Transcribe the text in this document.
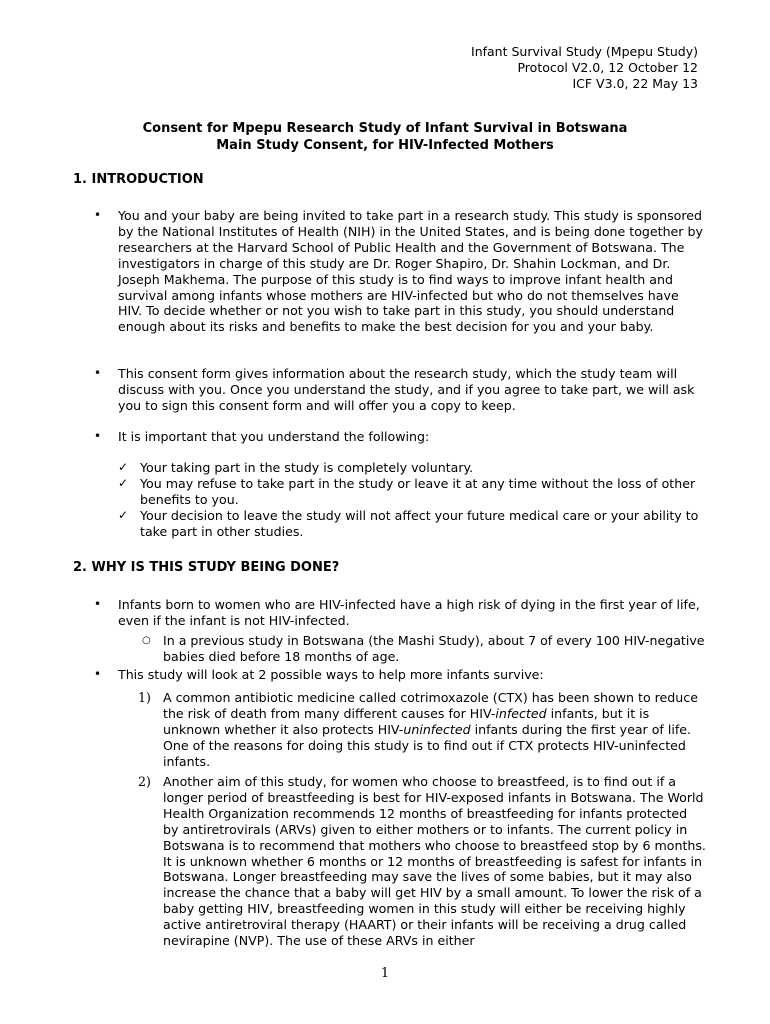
Infant Survival Study (Mpepu Study)
Protocol V2.0, 12 October 12
ICF V3.0, 22 May 13
Consent for Mpepu Research Study of Infant Survival in Botswana
Main Study Consent, for HIV-Infected Mothers
1. INTRODUCTION
• You and your baby are being invited to take part in a research study. This study is sponsored by the National Institutes of Health (NIH) in the United States, and is being done together by researchers at the Harvard School of Public Health and the Government of Botswana. The investigators in charge of this study are Dr. Roger Shapiro, Dr. Shahin Lockman, and Dr. Joseph Makhema. The purpose of this study is to find ways to improve infant health and survival among infants whose mothers are HIV-infected but who do not themselves have HIV. To decide whether or not you wish to take part in this study, you should understand enough about its risks and benefits to make the best decision for you and your baby.
• This consent form gives information about the research study, which the study team will discuss with you. Once you understand the study, and if you agree to take part, we will ask you to sign this consent form and will offer you a copy to keep.
• It is important that you understand the following:
✓ Your taking part in the study is completely voluntary.
✓ You may refuse to take part in the study or leave it at any time without the loss of other benefits to you.
✓ Your decision to leave the study will not affect your future medical care or your ability to take part in other studies.
2. WHY IS THIS STUDY BEING DONE?
• Infants born to women who are HIV-infected have a high risk of dying in the first year of life, even if the infant is not HIV-infected.
○ In a previous study in Botswana (the Mashi Study), about 7 of every 100 HIV-negative babies died before 18 months of age.
• This study will look at 2 possible ways to help more infants survive:
1) A common antibiotic medicine called cotrimoxazole (CTX) has been shown to reduce the risk of death from many different causes for HIV-infected infants, but it is unknown whether it also protects HIV-uninfected infants during the first year of life. One of the reasons for doing this study is to find out if CTX protects HIV-uninfected infants.
2) Another aim of this study, for women who choose to breastfeed, is to find out if a longer period of breastfeeding is best for HIV-exposed infants in Botswana. The World Health Organization recommends 12 months of breastfeeding for infants protected by antiretrovirals (ARVs) given to either mothers or to infants. The current policy in Botswana is to recommend that mothers who choose to breastfeed stop by 6 months. It is unknown whether 6 months or 12 months of breastfeeding is safest for infants in Botswana. Longer breastfeeding may save the lives of some babies, but it may also increase the chance that a baby will get HIV by a small amount. To lower the risk of a baby getting HIV, breastfeeding women in this study will either be receiving highly active antiretroviral therapy (HAART) or their infants will be receiving a drug called nevirapine (NVP). The use of these ARVs in either
1
